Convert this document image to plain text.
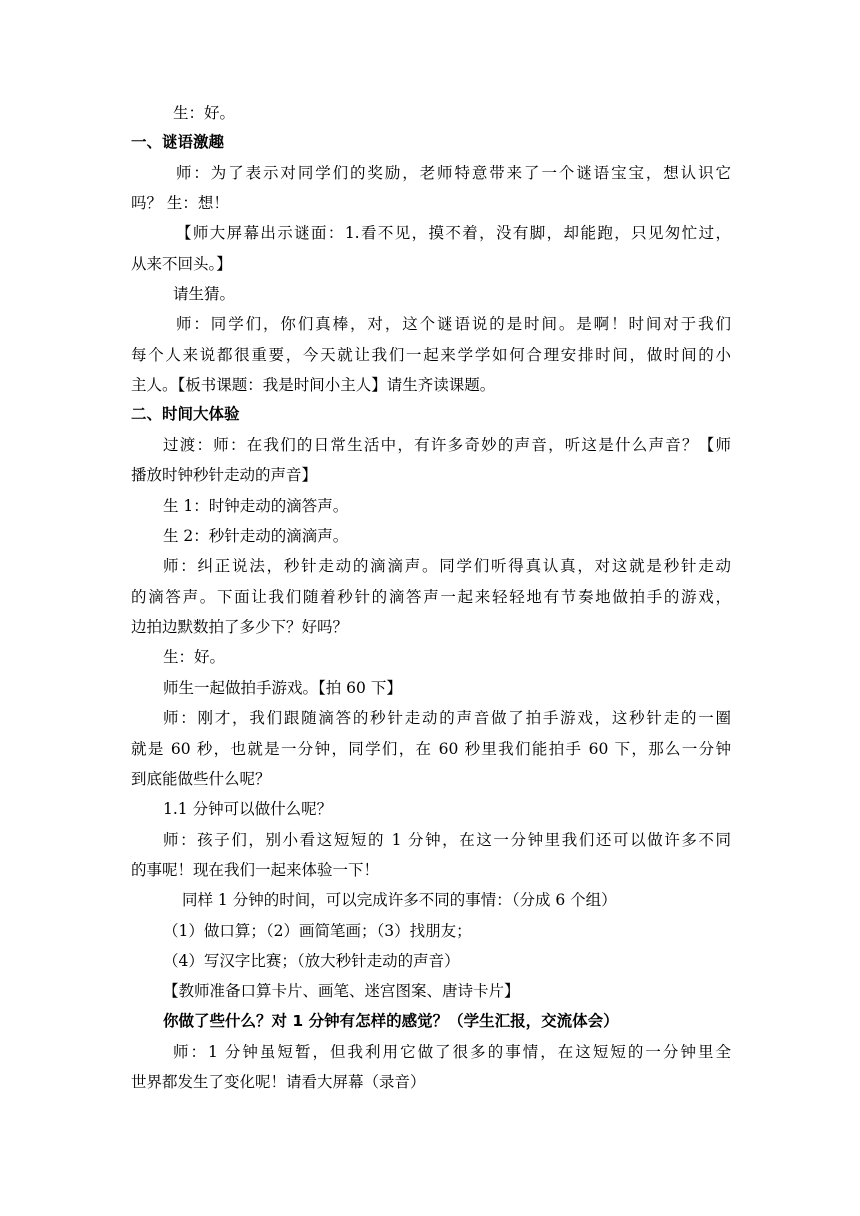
生：好。
一、谜语激趣
师：为了表示对同学们的奖励，老师特意带来了一个谜语宝宝，想认识它
吗？ 生：想！
【师大屏幕出示谜面：1.看不见，摸不着，没有脚，却能跑，只见匆忙过，
从来不回头。】
请生猜。
师：同学们，你们真棒，对，这个谜语说的是时间。是啊！时间对于我们
每个人来说都很重要，今天就让我们一起来学学如何合理安排时间，做时间的小
主人。【板书课题：我是时间小主人】请生齐读课题。
二、时间大体验
过渡：师：在我们的日常生活中，有许多奇妙的声音，听这是什么声音？【师
播放时钟秒针走动的声音】
生 1：时钟走动的滴答声。
生 2：秒针走动的滴滴声。
师：纠正说法，秒针走动的滴滴声。同学们听得真认真，对这就是秒针走动
的滴答声。下面让我们随着秒针的滴答声一起来轻轻地有节奏地做拍手的游戏，
边拍边默数拍了多少下？好吗？
生：好。
师生一起做拍手游戏。【拍 60 下】
师：刚才，我们跟随滴答的秒针走动的声音做了拍手游戏，这秒针走的一圈
就是 60 秒，也就是一分钟，同学们，在 60 秒里我们能拍手 60 下，那么一分钟
到底能做些什么呢？
1.1 分钟可以做什么呢？
师：孩子们，别小看这短短的 1 分钟，在这一分钟里我们还可以做许多不同
的事呢！现在我们一起来体验一下！
同样 1 分钟的时间，可以完成许多不同的事情：（分成 6 个组）
（1）做口算；（2）画简笔画；（3）找朋友；
（4）写汉字比赛；（放大秒针走动的声音）
【教师准备口算卡片、画笔、迷宫图案、唐诗卡片】
你做了些什么？对 1 分钟有怎样的感觉？（学生汇报，交流体会）
师：1 分钟虽短暂，但我利用它做了很多的事情，在这短短的一分钟里全
世界都发生了变化呢！请看大屏幕（录音）
